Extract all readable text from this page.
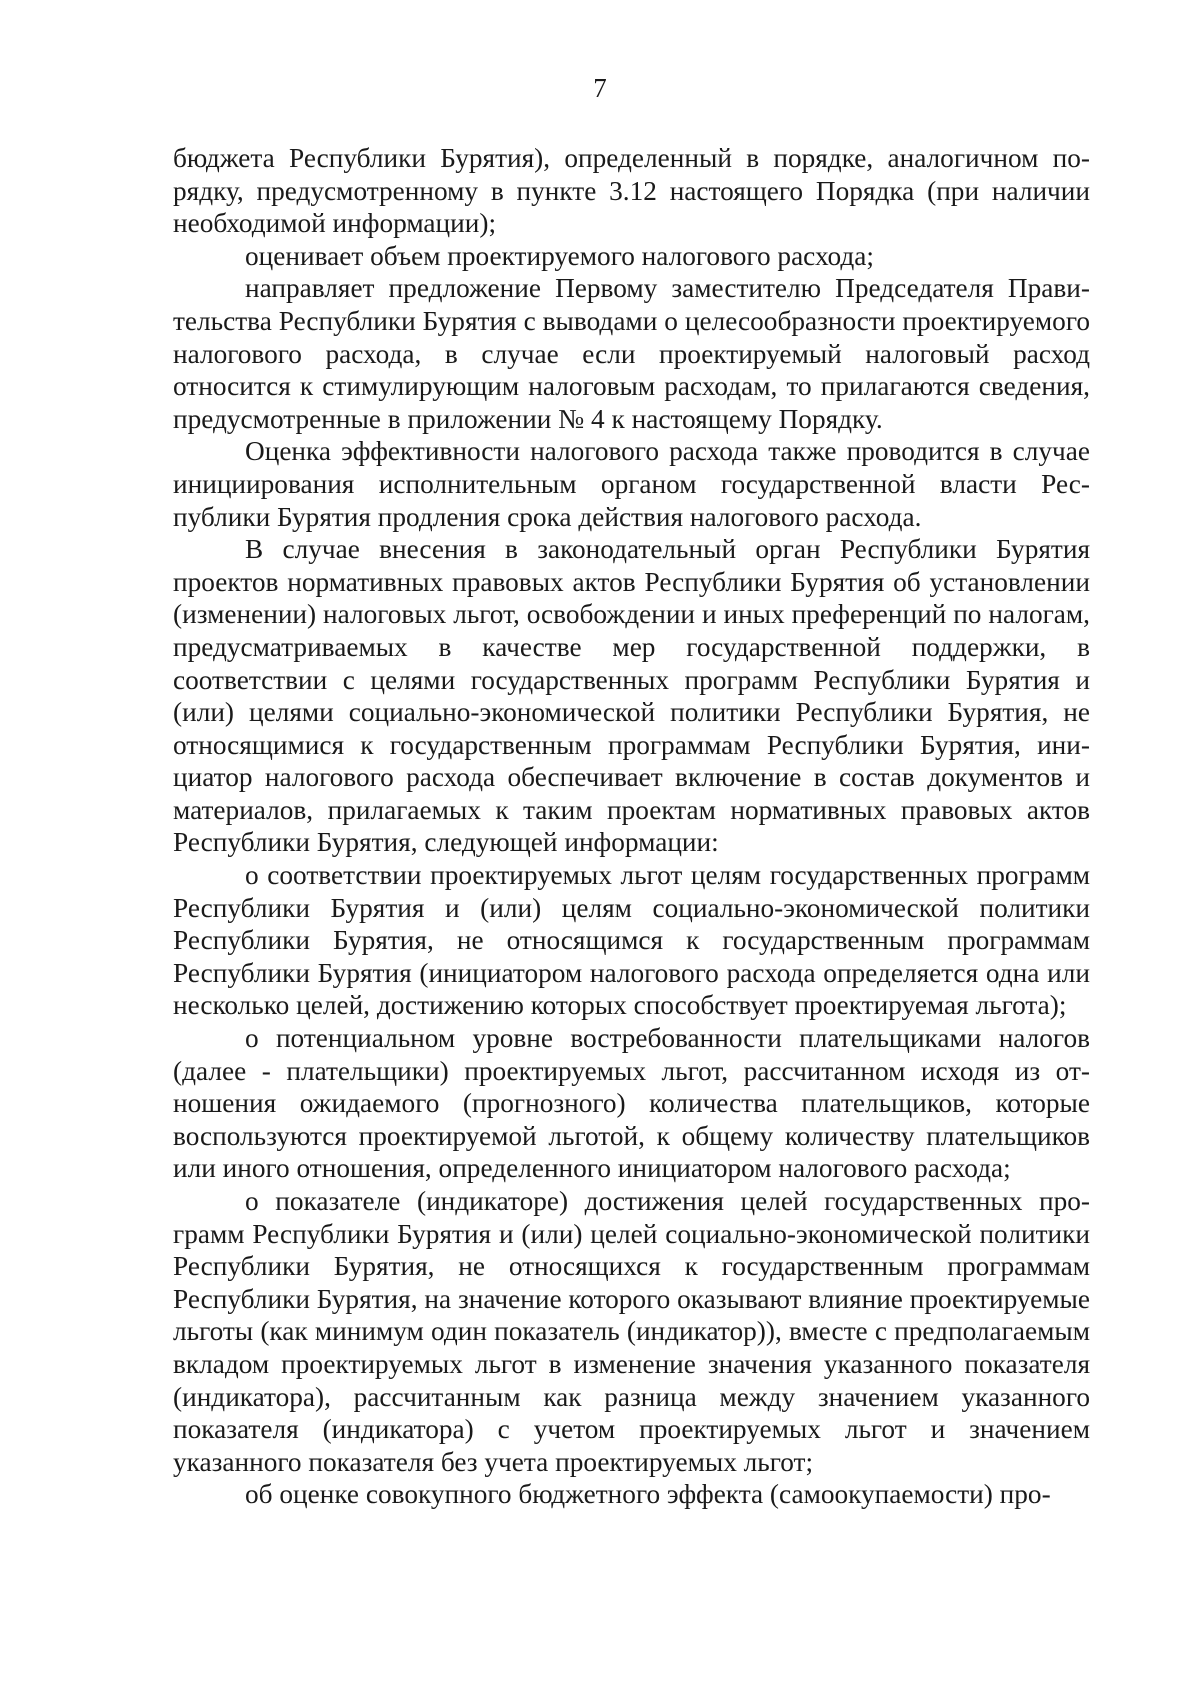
7

бюджета Республики Бурятия), определенный в порядке, аналогичном порядку, предусмотренному в пункте 3.12 настоящего Порядка (при наличии необходимой информации);

оценивает объем проектируемого налогового расхода;

направляет предложение Первому заместителю Председателя Правительства Республики Бурятия с выводами о целесообразности проектируемого налогового расхода, в случае если проектируемый налоговый расход относится к стимулирующим налоговым расходам, то прилагаются сведения, предусмотренные в приложении № 4 к настоящему Порядку.

Оценка эффективности налогового расхода также проводится в случае инициирования исполнительным органом государственной власти Республики Бурятия продления срока действия налогового расхода.

В случае внесения в законодательный орган Республики Бурятия проектов нормативных правовых актов Республики Бурятия об установлении (изменении) налоговых льгот, освобождении и иных преференций по налогам, предусматриваемых в качестве мер государственной поддержки, в соответствии с целями государственных программ Республики Бурятия и (или) целями социально-экономической политики Республики Бурятия, не относящимися к государственным программам Республики Бурятия, инициатор налогового расхода обеспечивает включение в состав документов и материалов, прилагаемых к таким проектам нормативных правовых актов Республики Бурятия, следующей информации:

о соответствии проектируемых льгот целям государственных программ Республики Бурятия и (или) целям социально-экономической политики Республики Бурятия, не относящимся к государственным программам Республики Бурятия (инициатором налогового расхода определяется одна или несколько целей, достижению которых способствует проектируемая льгота);

о потенциальном уровне востребованности плательщиками налогов (далее - плательщики) проектируемых льгот, рассчитанном исходя из отношения ожидаемого (прогнозного) количества плательщиков, которые воспользуются проектируемой льготой, к общему количеству плательщиков или иного отношения, определенного инициатором налогового расхода;

о показателе (индикаторе) достижения целей государственных программ Республики Бурятия и (или) целей социально-экономической политики Республики Бурятия, не относящихся к государственным программам Республики Бурятия, на значение которого оказывают влияние проектируемые льготы (как минимум один показатель (индикатор)), вместе с предполагаемым вкладом проектируемых льгот в изменение значения указанного показателя (индикатора), рассчитанным как разница между значением указанного показателя (индикатора) с учетом проектируемых льгот и значением указанного показателя без учета проектируемых льгот;

об оценке совокупного бюджетного эффекта (самоокупаемости) про-
